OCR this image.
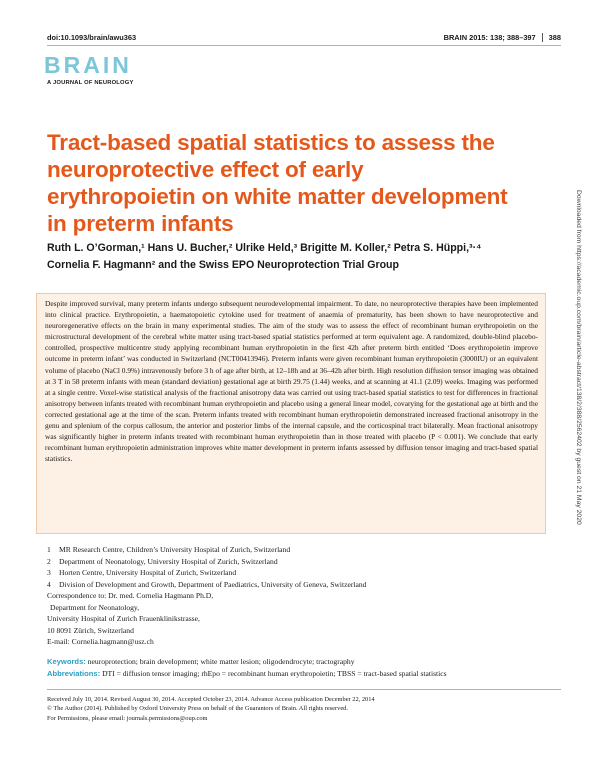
doi:10.1093/brain/awu363	BRAIN 2015: 138; 388–397 388
BRAIN
A JOURNAL OF NEUROLOGY
Tract-based spatial statistics to assess the neuroprotective effect of early erythropoietin on white matter development in preterm infants
Ruth L. O’Gorman,¹ Hans U. Bucher,² Ulrike Held,³ Brigitte M. Koller,² Petra S. Hüppi,³·⁴
Cornelia F. Hagmann² and the Swiss EPO Neuroprotection Trial Group	Downloaded from https://academic.oup.com/brain/article-abstract/138/2/388/2562402 by guest on 21 May 2020

Despite improved survival, many preterm infants undergo subsequent neurodevelopmental impairment. To date, no neuroprotective therapies have been implemented into clinical practice. Erythropoietin, a haematopoietic cytokine used for treatment of anaemia of prematurity, has been shown to have neuroprotective and neuroregenerative effects on the brain in many experimental studies. The aim of the study was to assess the effect of recombinant human erythropoietin on the microstructural development of the cerebral white matter using tract-based spatial statistics performed at term equivalent age. A randomized, double-blind placebo-controlled, prospective multicentre study applying recombinant human erythropoietin in the first 42h after preterm birth entitled ‘Does erythropoietin improve outcome in preterm infant’ was conducted in Switzerland (NCT00413946). Preterm infants were given recombinant human erythropoietin (3000IU) or an equivalent volume of placebo (NaCl 0.9%) intravenously before 3 h of age after birth, at 12–18h and at 36–42h after birth. High resolution diffusion tensor imaging was obtained at 3 T in 58 preterm infants with mean (standard deviation) gestational age at birth 29.75 (1.44) weeks, and at scanning at 41.1 (2.09) weeks. Imaging was performed at a single centre. Voxel-wise statistical analysis of the fractional anisotropy data was carried out using tract-based spatial statistics to test for differences in fractional anisotropy between infants treated with recombinant human erythropoietin and placebo using a general linear model, covarying for the gestational age at birth and the corrected gestational age at the time of the scan. Preterm infants treated with recombinant human erythropoietin demonstrated increased fractional anisotropy in the genu and splenium of the corpus callosum, the anterior and posterior limbs of the internal capsule, and the corticospinal tract bilaterally. Mean fractional anisotropy was significantly higher in preterm infants treated with recombinant human erythropoietin than in those treated with placebo (P < 0.001). We conclude that early recombinant human erythropoietin administration improves white matter development in preterm infants assessed by diffusion tensor imaging and tract-based spatial statistics.

1 MR Research Centre, Children’s University Hospital of Zurich, Switzerland
2 Department of Neonatology, University Hospital of Zurich, Switzerland
3 Horten Centre, University Hospital of Zurich, Switzerland
4 Division of Development and Growth, Department of Paediatrics, University of Geneva, Switzerland
Correspondence to: Dr. med. Cornelia Hagmann Ph.D,
Department for Neonatology,
University Hospital of Zurich Frauenklinikstrasse,
10 8091 Zürich, Switzerland
E-mail: Cornelia.hagmann@usz.ch
Keywords: neuroprotection; brain development; white matter lesion; oligodendrocyte; tractography
Abbreviations: DTI = diffusion tensor imaging; rhEpo = recombinant human erythropoietin; TBSS = tract-based spatial statistics
Received July 10, 2014. Revised August 30, 2014. Accepted October 23, 2014. Advance Access publication December 22, 2014
© The Author (2014). Published by Oxford University Press on behalf of the Guarantors of Brain. All rights reserved.
For Permissions, please email: journals.permissions@oup.com
